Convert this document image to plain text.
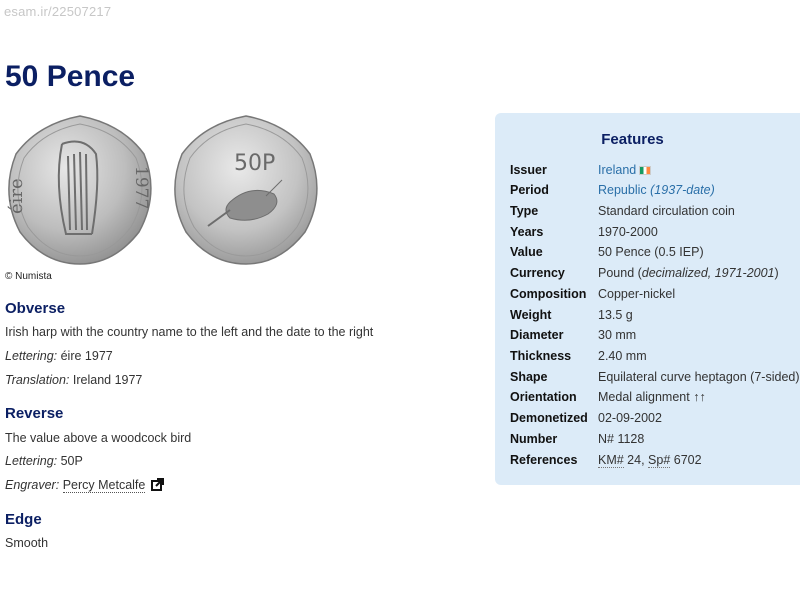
esam.ir/22507217
50 Pence
éire	1977
50P
© Numista
Obverse
Irish harp with the country name to the left and the date to the right
Lettering: éire 1977
Translation: Ireland 1977
Reverse
The value above a woodcock bird
Lettering: 50P
Engraver: Percy Metcalfe
Edge
Smooth
Features
Issuer	Ireland
Period	Republic (1937-date)
Type	Standard circulation coin
Years	1970-2000
Value	50 Pence (0.5 IEP)
Currency	Pound (decimalized, 1971-2001)
Composition Copper-nickel
Weight	13.5 g
Diameter	30 mm
Thickness 2.40 mm
Shape	Equilateral curve heptagon (7-sided)
Orientation Medal alignment ↑↑
Demonetized 02-09-2002
Number	N# 1128
References KM# 24, Sp# 6702
